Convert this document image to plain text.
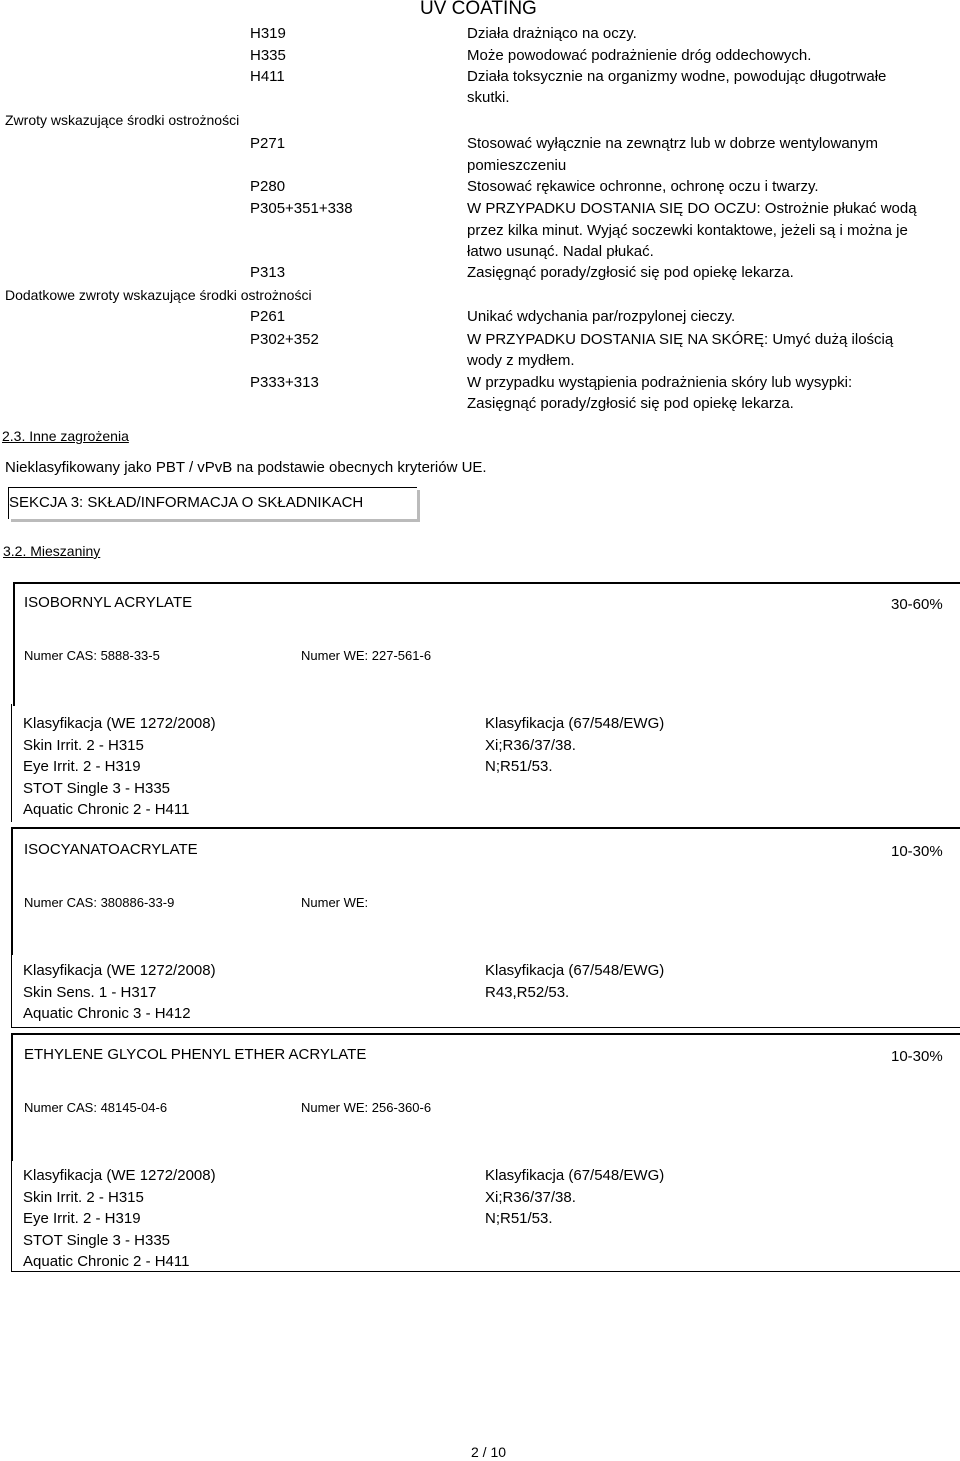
UV COATING
H319	Działa drażniąco na oczy.
H335	Może powodować podrażnienie dróg oddechowych.
H411	Działa toksycznie na organizmy wodne, powodując długotrwałe
skutki.
Zwroty wskazujące środki ostrożności
P271	Stosować wyłącznie na zewnątrz lub w dobrze wentylowanym
pomieszczeniu
P280	Stosować rękawice ochronne, ochronę oczu i twarzy.
P305+351+338	W PRZYPADKU DOSTANIA SIĘ DO OCZU: Ostrożnie płukać wodą
przez kilka minut. Wyjąć soczewki kontaktowe, jeżeli są i można je
łatwo usunąć. Nadal płukać.
P313	Zasięgnąć porady/zgłosić się pod opiekę lekarza.
Dodatkowe zwroty wskazujące środki ostrożności
P261	Unikać wdychania par/rozpylonej cieczy.
P302+352	W PRZYPADKU DOSTANIA SIĘ NA SKÓRĘ: Umyć dużą ilością
wody z mydłem.
P333+313	W przypadku wystąpienia podrażnienia skóry lub wysypki:
Zasięgnąć porady/zgłosić się pod opiekę lekarza.
2.3. Inne zagrożenia
Nieklasyfikowany jako PBT / vPvB na podstawie obecnych kryteriów UE.
SEKCJA 3: SKŁAD/INFORMACJA O SKŁADNIKACH
3.2. Mieszaniny
ISOBORNYL ACRYLATE	30-60%
Numer CAS: 5888-33-5	Numer WE: 227-561-6
Klasyfikacja (WE 1272/2008)
Skin Irrit. 2 - H315
Eye Irrit. 2 - H319
STOT Single 3 - H335
Aquatic Chronic 2 - H411
Klasyfikacja (67/548/EWG)
Xi;R36/37/38.
N;R51/53.
ISOCYANATOACRYLATE	10-30%
Numer CAS: 380886-33-9	Numer WE:
Klasyfikacja (WE 1272/2008)
Skin Sens. 1 - H317
Aquatic Chronic 3 - H412
Klasyfikacja (67/548/EWG)
R43,R52/53.
ETHYLENE GLYCOL PHENYL ETHER ACRYLATE	10-30%
Numer CAS: 48145-04-6	Numer WE: 256-360-6
Klasyfikacja (WE 1272/2008)
Skin Irrit. 2 - H315
Eye Irrit. 2 - H319
STOT Single 3 - H335
Aquatic Chronic 2 - H411
Klasyfikacja (67/548/EWG)
Xi;R36/37/38.
N;R51/53.
2 / 10
